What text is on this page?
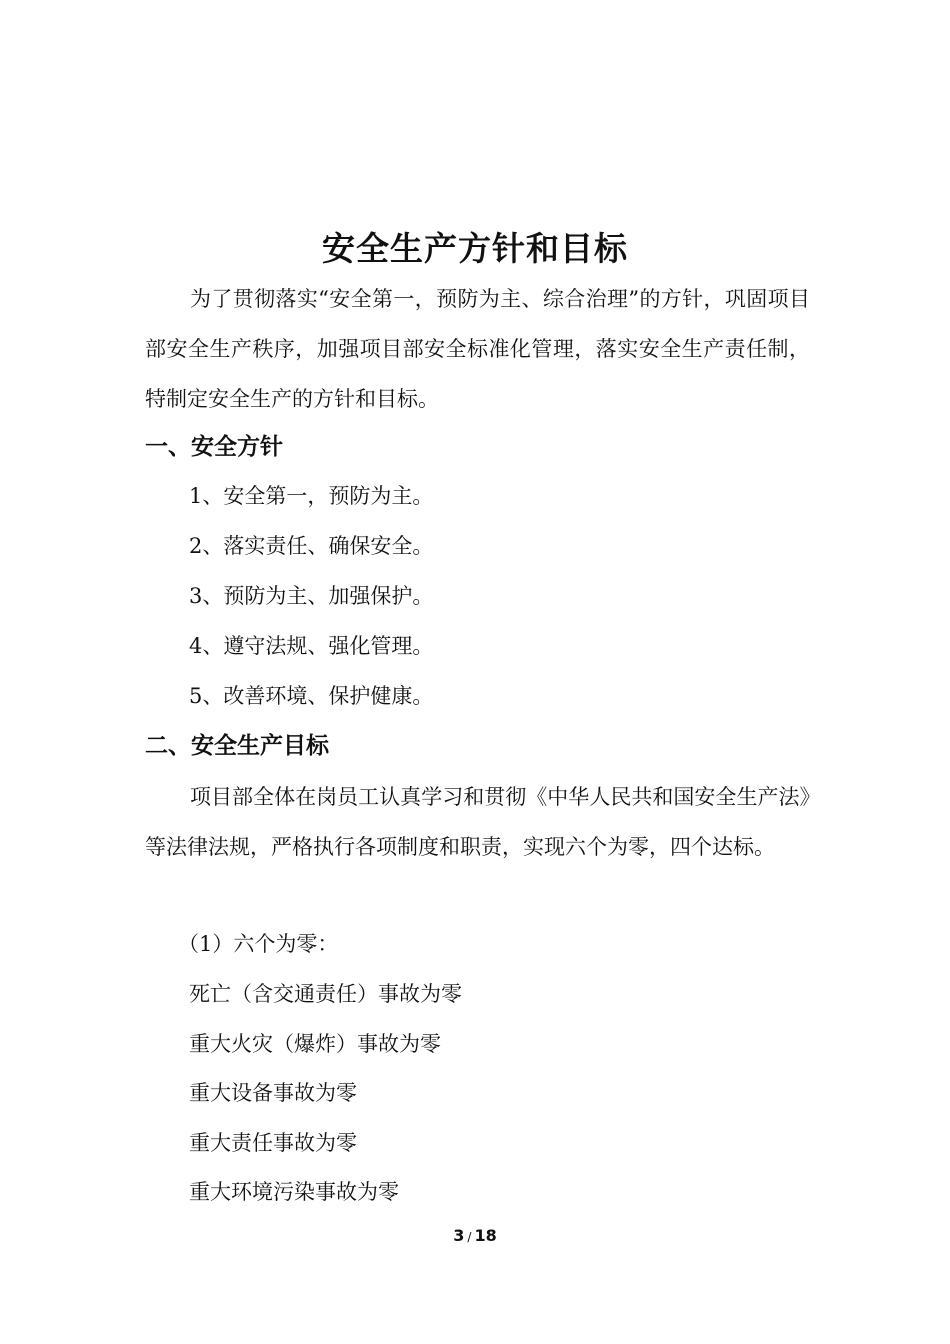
安全生产方针和目标

为了贯彻落实“安全第一，预防为主、综合治理”的方针，巩固项目部安全生产秩序，加强项目部安全标准化管理，落实安全生产责任制，特制定安全生产的方针和目标。

一、安全方针

1、安全第一，预防为主。

2、落实责任、确保安全。

3、预防为主、加强保护。

4、遵守法规、强化管理。

5、改善环境、保护健康。

二、安全生产目标

项目部全体在岗员工认真学习和贯彻《中华人民共和国安全生产法》等法律法规，严格执行各项制度和职责，实现六个为零，四个达标。

（1）六个为零：

死亡（含交通责任）事故为零

重大火灾（爆炸）事故为零

重大设备事故为零

重大责任事故为零

重大环境污染事故为零

3 / 18
